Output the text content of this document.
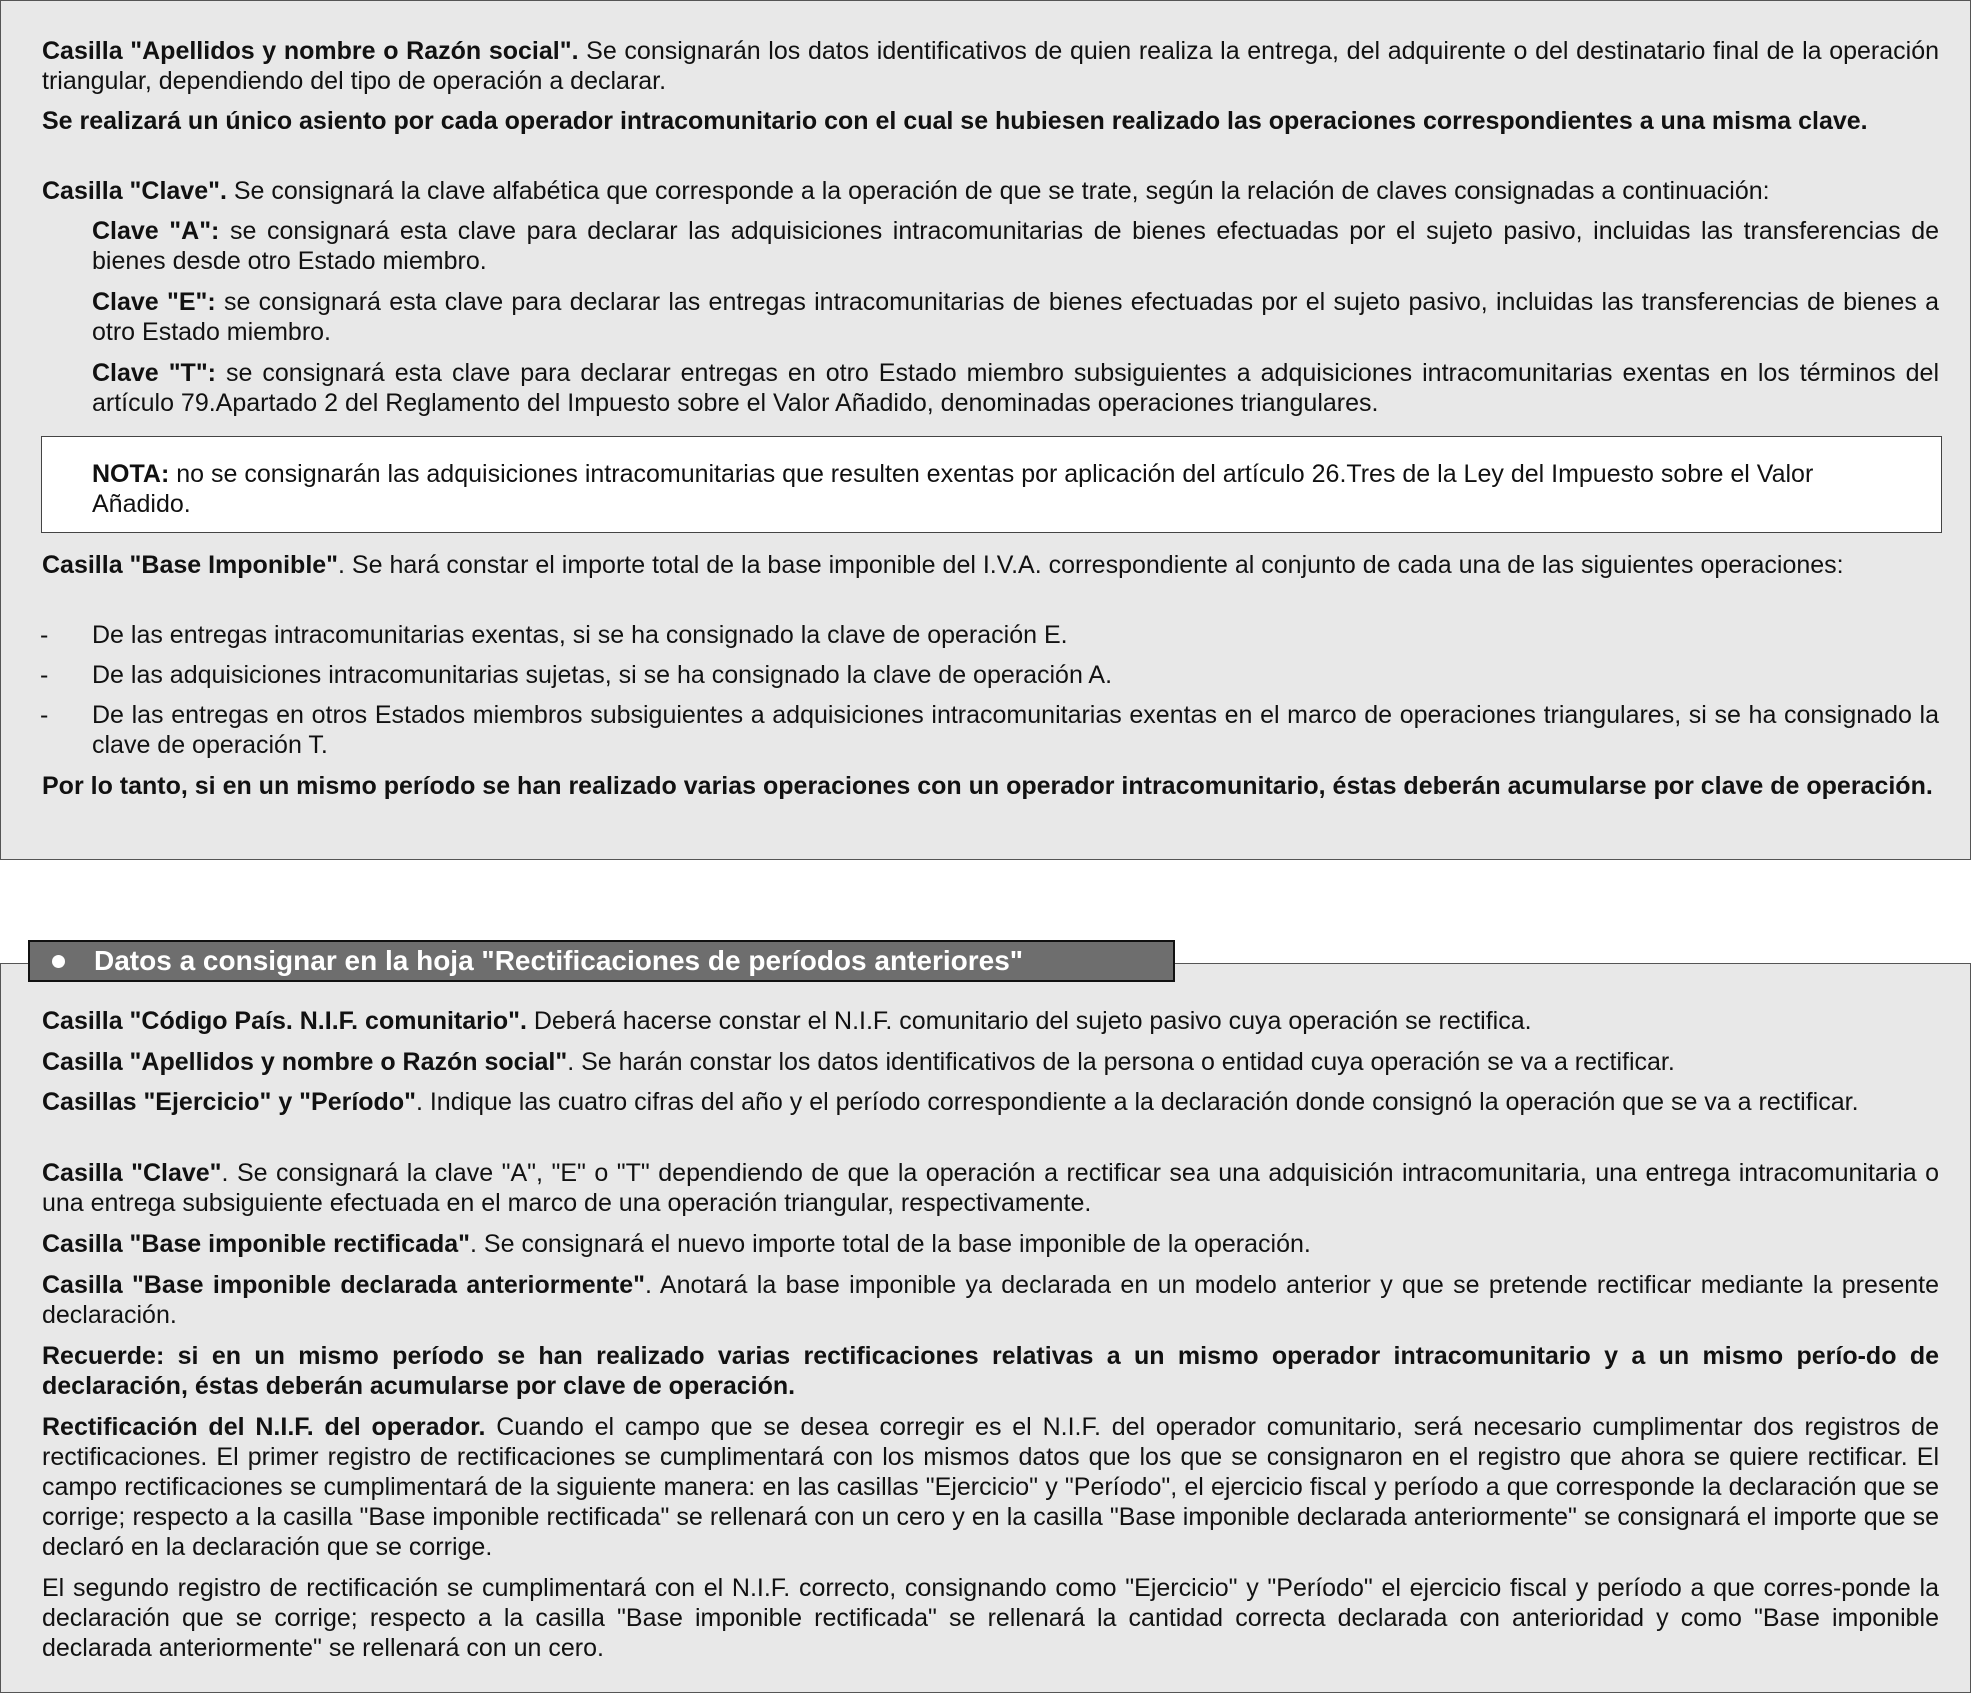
Casilla "Apellidos y nombre o Razón social". Se consignarán los datos identificativos de quien realiza la entrega, del adquirente o del destinatario final de la operación triangular, dependiendo del tipo de operación a declarar.

Se realizará un único asiento por cada operador intracomunitario con el cual se hubiesen realizado las operaciones correspondientes a una misma clave.

Casilla "Clave". Se consignará la clave alfabética que corresponde a la operación de que se trate, según la relación de claves consignadas a continuación:

Clave "A": se consignará esta clave para declarar las adquisiciones intracomunitarias de bienes efectuadas por el sujeto pasivo, incluidas las transferencias de bienes desde otro Estado miembro.

Clave "E": se consignará esta clave para declarar las entregas intracomunitarias de bienes efectuadas por el sujeto pasivo, incluidas las transferencias de bienes a otro Estado miembro.

Clave "T": se consignará esta clave para declarar entregas en otro Estado miembro subsiguientes a adquisiciones intracomunitarias exentas en los términos del artículo 79.Apartado 2 del Reglamento del Impuesto sobre el Valor Añadido, denominadas operaciones triangulares.

NOTA: no se consignarán las adquisiciones intracomunitarias que resulten exentas por aplicación del artículo 26.Tres de la Ley del Impuesto sobre el Valor Añadido.

Casilla "Base Imponible". Se hará constar el importe total de la base imponible del I.V.A. correspondiente al conjunto de cada una de las siguientes operaciones:

- De las entregas intracomunitarias exentas, si se ha consignado la clave de operación E.

- De las adquisiciones intracomunitarias sujetas, si se ha consignado la clave de operación A.

- De las entregas en otros Estados miembros subsiguientes a adquisiciones intracomunitarias exentas en el marco de operaciones triangulares, si se ha consignado la clave de operación T.

Por lo tanto, si en un mismo período se han realizado varias operaciones con un operador intracomunitario, éstas deberán acumularse por clave de operación.

Datos a consignar en la hoja "Rectificaciones de períodos anteriores"

Casilla "Código País. N.I.F. comunitario". Deberá hacerse constar el N.I.F. comunitario del sujeto pasivo cuya operación se rectifica.

Casilla "Apellidos y nombre o Razón social". Se harán constar los datos identificativos de la persona o entidad cuya operación se va a rectificar.

Casillas "Ejercicio" y "Período". Indique las cuatro cifras del año y el período correspondiente a la declaración donde consignó la operación que se va a rectificar.

Casilla "Clave". Se consignará la clave "A", "E" o "T" dependiendo de que la operación a rectificar sea una adquisición intracomunitaria, una entrega intracomunitaria o una entrega subsiguiente efectuada en el marco de una operación triangular, respectivamente.

Casilla "Base imponible rectificada". Se consignará el nuevo importe total de la base imponible de la operación.

Casilla "Base imponible declarada anteriormente". Anotará la base imponible ya declarada en un modelo anterior y que se pretende rectificar mediante la presente declaración.

Recuerde: si en un mismo período se han realizado varias rectificaciones relativas a un mismo operador intracomunitario y a un mismo perío-do de declaración, éstas deberán acumularse por clave de operación.

Rectificación del N.I.F. del operador. Cuando el campo que se desea corregir es el N.I.F. del operador comunitario, será necesario cumplimentar dos registros de rectificaciones. El primer registro de rectificaciones se cumplimentará con los mismos datos que los que se consignaron en el registro que ahora se quiere rectificar. El campo rectificaciones se cumplimentará de la siguiente manera: en las casillas "Ejercicio" y "Período", el ejercicio fiscal y período a que corresponde la declaración que se corrige; respecto a la casilla "Base imponible rectificada" se rellenará con un cero y en la casilla "Base imponible declarada anteriormente" se consignará el importe que se declaró en la declaración que se corrige.

El segundo registro de rectificación se cumplimentará con el N.I.F. correcto, consignando como "Ejercicio" y "Período" el ejercicio fiscal y período a que corres-ponde la declaración que se corrige; respecto a la casilla "Base imponible rectificada" se rellenará la cantidad correcta declarada con anterioridad y como "Base imponible declarada anteriormente" se rellenará con un cero.
